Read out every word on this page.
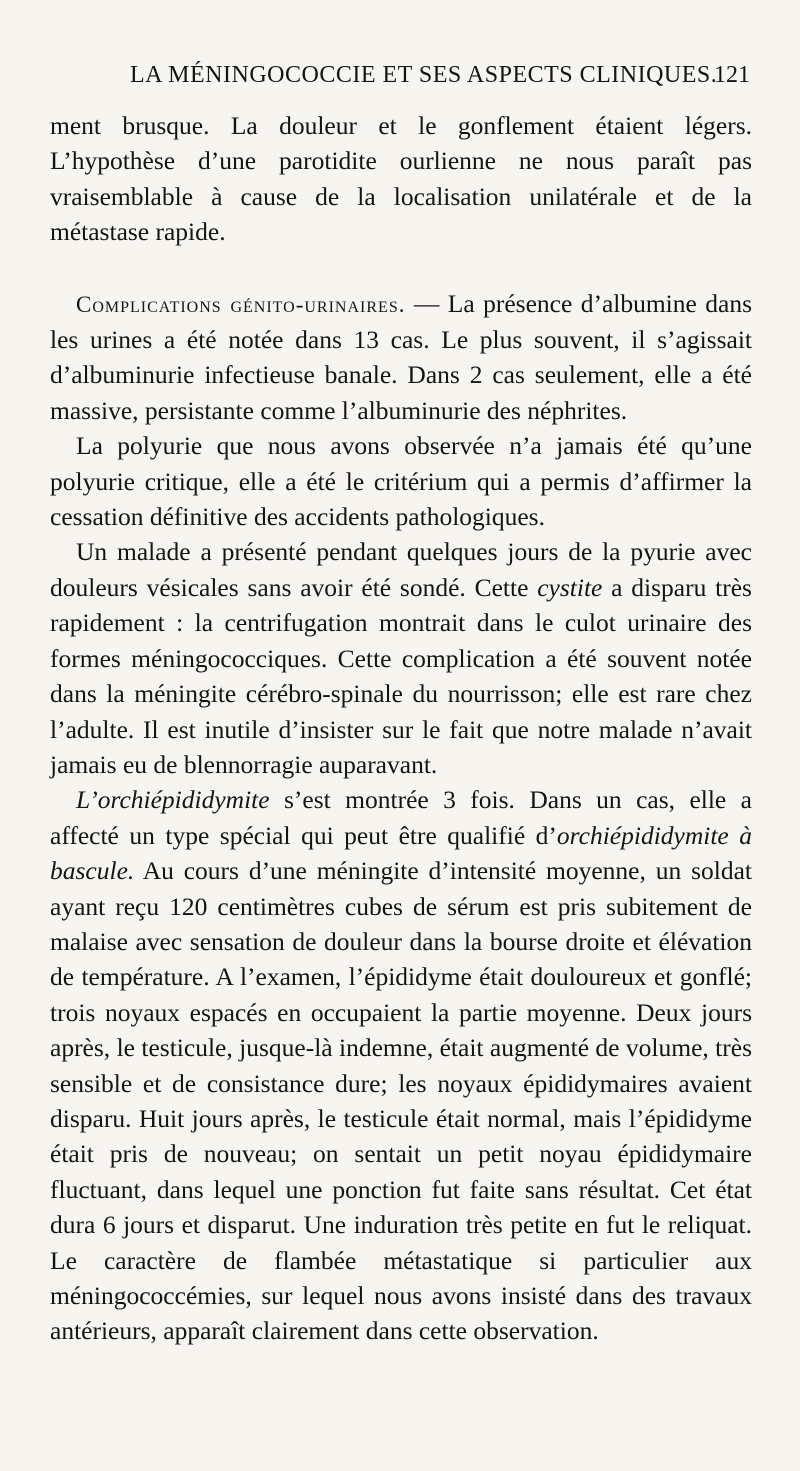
LA MÉNINGOCOCCIE ET SES ASPECTS CLINIQUES.
121

ment brusque. La douleur et le gonflement étaient légers. L’hypothèse d’une parotidite ourlienne ne nous paraît pas vraisemblable à cause de la localisation unilatérale et de la métastase rapide.

Complications génito-urinaires. — La présence d’albumine dans les urines a été notée dans 13 cas. Le plus souvent, il s’agissait d’albuminurie infectieuse banale. Dans 2 cas seulement, elle a été massive, persistante comme l’albuminurie des néphrites.

La polyurie que nous avons observée n’a jamais été qu’une polyurie critique, elle a été le critérium qui a permis d’affirmer la cessation définitive des accidents pathologiques.

Un malade a présenté pendant quelques jours de la pyurie avec douleurs vésicales sans avoir été sondé. Cette cystite a disparu très rapidement : la centrifugation montrait dans le culot urinaire des formes méningococciques. Cette complication a été souvent notée dans la méningite cérébro-spinale du nourrisson; elle est rare chez l’adulte. Il est inutile d’insister sur le fait que notre malade n’avait jamais eu de blennorragie auparavant.

L’orchiépididymite s’est montrée 3 fois. Dans un cas, elle a affecté un type spécial qui peut être qualifié d’orchiépididymite à bascule. Au cours d’une méningite d’intensité moyenne, un soldat ayant reçu 120 centimètres cubes de sérum est pris subitement de malaise avec sensation de douleur dans la bourse droite et élévation de température. A l’examen, l’épididyme était douloureux et gonflé; trois noyaux espacés en occupaient la partie moyenne. Deux jours après, le testicule, jusque-là indemne, était augmenté de volume, très sensible et de consistance dure; les noyaux épididymaires avaient disparu. Huit jours après, le testicule était normal, mais l’épididyme était pris de nouveau; on sentait un petit noyau épididymaire fluctuant, dans lequel une ponction fut faite sans résultat. Cet état dura 6 jours et disparut. Une induration très petite en fut le reliquat. Le caractère de flambée métastatique si particulier aux méningococcémies, sur lequel nous avons insisté dans des travaux antérieurs, apparaît clairement dans cette observation.
